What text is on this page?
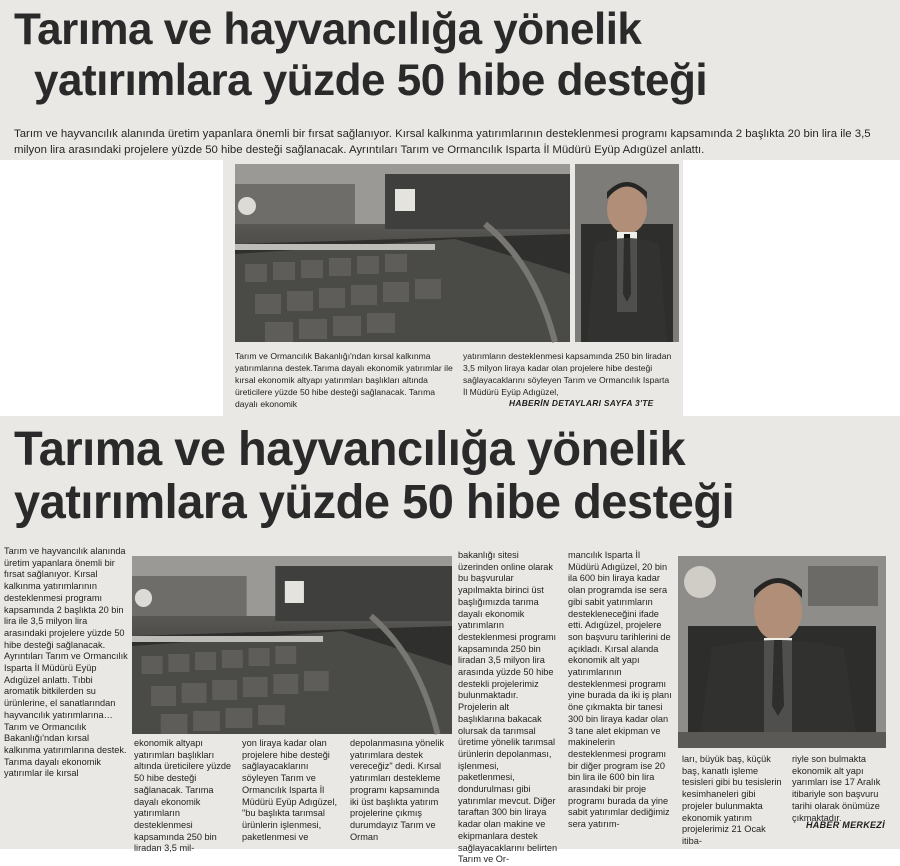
Tarıma ve hayvancılığa yönelik
yatırımlara yüzde 50 hibe desteği

Tarım ve hayvancılık alanında üretim yapanlara önemli bir fırsat sağlanıyor. Kırsal kalkınma yatırımlarının desteklenmesi programı kapsamında 2 başlıkta 20 bin lira ile 3,5 milyon lira arasındaki projelere yüzde 50 hibe desteği sağlanacak. Ayrıntıları Tarım ve Ormancılık Isparta İl Müdürü Eyüp Adıgüzel anlattı.

Tarım ve Ormancılık Bakanlığı'ndan kırsal kalkınma yatırımlarına destek.Tarıma dayalı ekonomik yatırımlar ile kırsal ekonomik altyapı yatırımları başlıkları altında üreticilere yüzde 50 hibe desteği sağlanacak. Tarıma dayalı ekonomik

yatırımların desteklenmesi kapsamında 250 bin liradan 3,5 milyon liraya kadar olan projelere hibe desteği sağlayacaklarını söyleyen Tarım ve Ormancılık Isparta İl Müdürü Eyüp Adıgüzel,

HABERİN DETAYLARI SAYFA 3'TE
Tarıma ve hayvancılığa yönelik
yatırımlara yüzde 50 hibe desteği

Tarım ve hayvancılık alanında üretim yapanlara önemli bir fırsat sağlanıyor. Kırsal kalkınma yatırımlarının desteklenmesi programı kapsamında 2 başlıkta 20 bin lira ile 3,5 milyon lira arasındaki projelere yüzde 50 hibe desteği sağlanacak. Ayrıntıları Tarım ve Ormancılık Isparta İl Müdürü Eyüp Adıgüzel anlattı. Tıbbi aromatik bitkilerden su ürünlerine, el sanatlarından hayvancılık yatırımlarına… Tarım ve Ormancılık Bakanlığı'ndan kırsal kalkınma yatırımlarına destek. Tarıma dayalı ekonomik yatırımlar ile kırsal

ekonomik altyapı yatırımları başlıkları altında üreticilere yüzde 50 hibe desteği sağlanacak. Tarıma dayalı ekonomik yatırımların desteklenmesi kapsamında 250 bin liradan 3,5 mil-

yon liraya kadar olan projelere hibe desteği sağlayacaklarını söyleyen Tarım ve Ormancılık Isparta İl Müdürü Eyüp Adıgüzel, "bu başlıkta tarımsal ürünlerin işlenmesi, paketlenmesi ve

depolanmasına yönelik yatırımlara destek vereceğiz" dedi. Kırsal yatırımları destekleme programı kapsamında iki üst başlıkta yatırım projelerine çıkmış durumdayız Tarım ve Orman

bakanlığı sitesi üzerinden online olarak bu başvurular yapılmakta birinci üst başlığımızda tarıma dayalı ekonomik yatırımların desteklenmesi programı kapsamında 250 bin liradan 3,5 milyon lira arasında yüzde 50 hibe destekli projelerimiz bulunmaktadır. Projelerin alt başlıklarına bakacak olursak da tarımsal üretime yönelik tarımsal ürünlerin depolanması, işlenmesi, paketlenmesi, dondurulması gibi yatırımlar mevcut. Diğer taraftan 300 bin liraya kadar olan makine ve ekipmanlara destek sağlayacaklarını belirten Tarım ve Or-

mancılık Isparta İl Müdürü Adıgüzel, 20 bin ila 600 bin liraya kadar olan programda ise sera gibi sabit yatırımların destekleneceğini ifade etti. Adıgüzel, projelere son başvuru tarihlerini de açıkladı. Kırsal alanda ekonomik alt yapı yatırımlarının desteklenmesi programı yine burada da iki iş planı öne çıkmakta bir tanesi 300 bin liraya kadar olan 3 tane alet ekipman ve makinelerin desteklenmesi programı bir diğer program ise 20 bin lira ile 600 bin lira arasındaki bir proje programı burada da yine sabit yatırımlar dediğimiz sera yatırım-

ları, büyük baş, küçük baş, kanatlı işleme tesisleri gibi bu tesislerin kesimhaneleri gibi projeler bulunmakta ekonomik yatırım projelerimiz 21 Ocak itiba-

riyle son bulmakta ekonomik alt yapı yarımları ise 17 Aralık itibariyle son başvuru tarihi olarak önümüze çıkmaktadır.

HABER MERKEZİ
